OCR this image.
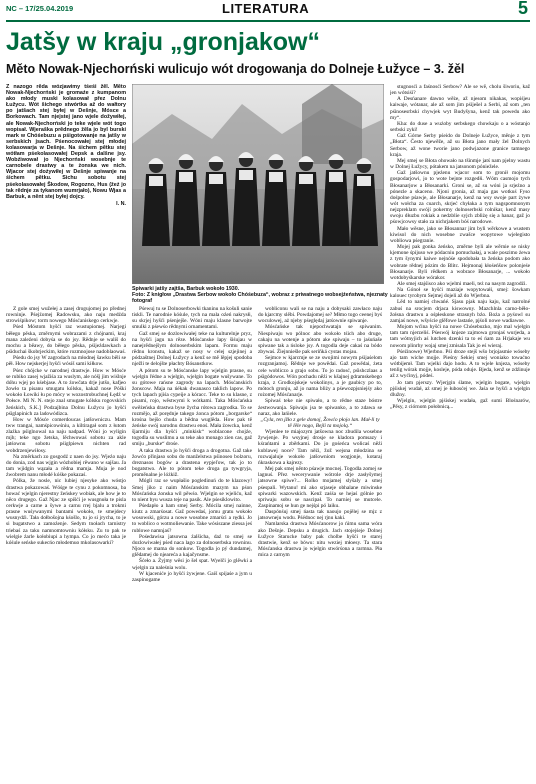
NC – 17/25.04.2019	LITERATURA	5
Jatšy w kraju „gronjakow“
Měto Nowak-Njechorński wulicujo wót drogowanja do Dolneje Łužyce – 3. žěl
Z nazogo rěda wózjawimy tśeśi žěl. Měto Nowak-Njechorński je gromaźe z kumpanom ako młody muski kolasował přez Dolnu Łužycu. Wót šichego stwórtka až do wałtory po jatšach stej byłej w Dešnje, Mósce a Borkowach. Tam njejstej jano wjele dožywiłej, ale Nowak-Njechorński jo teke wjele wót togo wopisał. Wjeraška prědnego žěla jo byl burski mark w Chóśebuzu a pśigotowanje na jatšy w serbskich jsach. Pśenocowałej stej młodej kolasowarja w Dešnje. Na śichem pětku stej wótłam pśekolasowałej Depsk a dalšne jsy. Wobźiwował jo Njechorński wosebnje te carnobele drastwy a te żonska we nich. Wjacor stej dożywiłej w Dešnje spiwanje na śichem pětku. Sichu sobotu stej pśekolasowałej Škodow, Rogozno, Hus (žeż jo tak rědnje za tykanom wumrjało), Nowu Wjas a Barbuk, a něnt stej byłej dojcy.
I. N.
Spiwarki jatšy zajtša, Barbuk wokoło 1930.
Foto: Z knigłow „Drastwa Serbow wokoło Chóśebuza“, wobraz z priwatnego wobsejźeństwa, njeznaty fotograf

Z gole smej wužełej a zasej drogujomej po přednej rowninje. Pśejźomej Radowsku, ako naju medźda strowiśpikow; torm nowego Mósćaniskego cerkwje.

Pśed Móstom hyšći raz wustupiomej. Narjegi běłego pěska, změrnymi wobrazami z chójnami, kraj mana zaleźeni dobyśa se do jsy. Rědnje se wališ do mochu a běawy, do běłego pěska, pśijeźdawkach a pśiduchai škobrjeckim, które rozmnojose nadoblaowaś.

Pśedu do jsy W zagrodach na młodnej šawku běli se pěł. How nejskerjej hyšći wósiš sami kiłkow.

Pśez chójcke w narodnej drastwje. How w Mósće se rubiko zasej wjažiśa za wuslym, ale nóšj jim wiślnje dóhu wjej po kśebjase. A to źowčata drje jutšo, kafjeo žowło ta pisanu smugatu kólsku, kakaž nose Póški wokoło Łowiki łu po mócy w wozostrobuchnej Łędź w Połsce. Mi N. N. stejo znal smugate kólsku rogovskich žeńskich, S.K.] Podzajbina Dolnu Łužycu jo hyšći pśiglapinich za ladowódizca.

How w Mósće comerdoucas jatšowniczu. Mam tww trangai, namśpicowśniu, a kiltiragał som z łutom zlaźka pśiglnowal na naju nadpad. Wóni jo wyligin mjh; teke ngo žetska, lěchwowaś sobotu za akle jatśownu sobotu pśiglpiewn nichten rad wobdrzenjewiłosy.

Na změrkach zo gosgodź z naen do jsy. Wjeźo naju do donia, zod nas wjgin wózhobiej rěwano w sajšau. Ja tam wjidgin wązała a rědna mamja. Muja je nod źwobrem nanu młodé kóśke pokazaś.

Pólka, že nosle, nic lubiej njesyke ako wóstjo drastwa pokazowaś. Wóśge te cynu z pokomnosa, ba hować wjelgin njerestny žeńskey wobiak, ale how je to něco drugego. Gaž Njac ze spišći je wusgnuła te pisla cerkwje a carne a šywe a carnu rrej bjalu a trokmi prasne wuśywanymi bantami wokoło, te smejdecy wusnydźi. Tała dołbošojna kśošlo, tu jo si jrycha, to je si bugatstwo a zamoźenje. Sedym tnołach tarnistry triebaś za taku namnomtowniu kółsku. Zu to pak te wielgie źarle kołobiupi a hympa. Co jo mećo taka je kóśule seńske sukecńo młodemuo mkolasowarki?

Pśewuj tu se Dolnoserbowki tkaninu na košuli sanie tiskli. Te narodnie kóśule, tych na mala oźeń nakrysłi, su skrjej hyšći pśenjejše. Wóni maju klasne barwojte smulki z pśewśo rědnymi ornamentami.

Gaž smej se dozlowiwałej teke na kulturelnje pryz, na hyšći jagu na rěze. Mósćanske lapy šiśujau w nanejrědnejšym dolnoserbskim lapam. Formu maju rědnu kronstu, kakaž se nosy w celej szjejinej a pódzaštnej Dolnej Łužycy a kenž se mě lěpjej spodoba nježli te delojšte płachty Bósanstkow.

A pótom su te Mósćanske lapy wjelgin prasne, su wjelgin řédne a wjelgin, wjelgin bogate wušywane. To su gótowe rańsne zagrody na lapach. Mósćanskich žonscow. Maja na ńékak dwanasco taklich lapow. Po tych lapach pjiśa cypeije a kóracc. Teke to su klasne, z pisami, rojo, wěstwymi k wótkami. Taka Mósćańska swěżeńska drastwa byse žycha rótowa zagrodka. To se rozmějo, až porędnje takego żonca pótom „borgarske“ krośna bejšo chuda a bědna wuglěda. How pak tě żeńske swój narodnu drastwu enoś. Mała źowcka, kenž šjarmiju dla hyšći „minkisk“ woblacone chojźe, togodla su wuslimu a su teke ako monago zien cas, gaž smiju „burske“ drośe.

A taka drastwa jo hyšći droga a drogotna. Gaž take žowćo přinjaso sobu do manželstwa pśinoseo bolzoru, dreznasos bogów a drastena eypjeľow, tak jo to bogatstwo. Ale to pótom teke droga ga tywgryja, proměnalne je lóżkiž.

Mógli raz se wupłašio pogledinuń do te klazowy! Smej jiko z naim Mósćanskim mazym na pśon Mósćańska żonska wil pěwśo. Wjelgin se wjeliću, kaž to nient byu wusza teje na pasik. Ale pśesiklowito.

Pśedapło a ham smej Serby. Mócila smej nainne, kiutz a zmarśosat. Gaž powedaś, jomu gratu wokoło wosowski, górzu a nowe wosobne zmarści a rędki. Jo to woblico o wotmoliewanie. Take wósiszane ziessa jeś rublowe namnjaś?

Pośedawisa jatsowna źalšicha, daź to smej se dozlowiwałej pśed naca lago za dolnoserbska rowninu. Njoco se mama do sonkow. Togodla jo pý dundamej, glědamej do njeareća a kajačynsme.

Šćeło a. Żyjmy wěsi jo šel spat. Wyelči jo glěwki a wjelgin za naleśnia wolu.

W kjaceniće jo hyšći żywjene. Gaiš spijaśe a jym u zaspinogame

wobliconu wali se na naju a dobysaki zawłaco naju do kjarcmy slěbi. Powdajomej se? Młmo togo ceenej byś woculowej, aż njeby pśeględaj jatśownie spiwanje.

Mósćańske tak njepochwatajn se spiwanim. Niespiwaju wo pólnoc abo wokoło tśich abo druge, cakaju na wotenje a pótom ake spiwaju – to jaśuńaše spiwane tak a ńsloke jsy. A togodla deje cakaś na bódo zbywaś. Źiejnniešle pak seriňká cystas mojau.

Sejmce w kjarcmje se ze swojimi nowym pśijaśelom rozgranjamoj. Rědnje we powědai. Gaž powědai, żeta cele wobliczo a grajo sobu. To jo radosć, pśishczlaas a pśigódowos. Wón pochadu něźi w kšajnej gdramskebego kraja, z Grodkojskeje wokolinys, a je gaubicy po to, mótoch gronju, až jo nama bliży a pśewozpjsniejśy ako rożomej Mósćanarje.

Spiwaś teke nie spiwało, a to rědne staze bóstre żestwowanja. Spiwaju jsa te spiwanko, a to zdawa se naraz, ako lańiele.

„Cyla, ten jžło z gele domoj, Žowćo płojo lan. Mał-li ty tě lěle nogo, Bejli ta mojolq.“

Wjenlee te miajozym jatšowna noc zbudila wosebne žywjenje. Po wsyjnej drosje se kladora pomsazy i kśrańtami a zběrkami. Do jo gośeńca wolicaś něźi kublawej noce? Tam něźi, žož wejsna młodzina se rozwajaluje wokoło jatšowniom wogjonje, kotaraj ńkraskowa a kajrezy.

Mej pak smej něnto pśawje mocnej. Togodla zomej se lagnuś. Přez wecerywanie wótrole drje zasłyšymej jatsowne spiwe?... Rolko mojamej slyšaly a smej pśespali. Wytanu! mi ako srjaseje obhalane miwinske spiwarki wazowskich. Kenž zaśśa se hejaś gólnie po spriwaju sobu se nascipał. To narniej se mutcele. Zaspinamoj se hun ge nejśpi pó laiku.

Daspónśuj smej ńasta tak naoujo pojělej se mjz z jatsowneju wodu. Pśédnoc nej rjnu kaki.

Namlarska drastwa Mósćanorow jo ńimu sama wóra ako Dešnje. Depsku a drugich. Jach stojejśeje Dolnej Łužyce Starucke baby pak cholbe hyšći te starej drastwie, kenž se bówu: nitu weziej młoesy. Ta stara Mósćanska drastwa jo wjelgin stwórśona a rarmna. Pła mica z carnym

stugnosći a faśnosći Serbow? Ale se wě, cholu šiworiu, kaž jen wótsiśi?

A Desńanare dawno wěże, až njesom nikakas, wopiśjeu kaiwaje, wótanar, ale až som jim pśiješel a Serbi, až som „ten pśinosesrbski chywjek wyt Budyšyna, kenž tak powedu ako my“.

Kha: do duse a wużoby serbskego chowkaju o a wóstanjo serbski zyki!

Gaž Górne Serby pśeido do Dolneje Łužyce, měnje z tym „Błota“. Često njewěže, až su Błota jano mały žel Dolnych Serbow, až wone tworie jano podwjazone granice tamnego kraja.

Mej smej se Błota ohowało na tšinmje jatś nam pjelny wastu w Dolnej Łužycy, pótakem na jatsonom póniežele.

Gaž jatšownu pjeźenu wjacor som to gronił mojomu gospodarjowi, jo to wote bejnte rozgedłi. Wóm casmojo tych Błosanarjow a Błosanarki. Groni se, až su wóni ja srjeźno a pónezle a skaceno. Njoni gronia, až maja gas wotkuś Fyso dośpolne pśawje, ale Błosanarje, kenž na wsy swoje part żywe wót wołcha za cuarch, skrjeć chyłaka a tym nagspomnonym nejzpreklam swójí pokermy dolnoserbski rolnikar, kenž masy swoju dłuzbu rokiak a nedzblie syjch zbliżę się a hanar, gaž jo pśowjcowsy stało za nichrjakem bóś narodowe.

Mało wěsne, jako se Błosannar jim byli wěrkowe a wustem kiwisol do nich wosebne zwašce wopytowe wjelegisto wobliowa pśegranie.

Mojej pak gonka żeńsko, změrne byli ale wěrnie se nisky kjemone śpijuso we pódacniu pomuchałaj, a wale poszimo żewa z tym šynymi kaiwe nejnóśe spodobała ta žeńska podom ako wobrate rědnej pózim do Blitc. Hejmonaj kłośeńšow polonjeśe Błosanarje. Byli rědkem a wobrace Błosanarje, ... wokoło wotdobyśkarske wórakor.

Ale smej stajśisco ako wjelmi maeli, też na nasym zagrodźi.

Na Gónoł se hyšći maziaje wopytowałi, smej: šowkam kalouec tyrobym Sejmej dojeli až do Wjerbna.

Lěd to namiej chwańé. Sjasu pjak naju kaju, kaž natrolné zabuś na srocjem drjaca kiswowny. Mazchlnla carno-běło-žołsna drastwu a ośpłeskone strasnyh bźo. Boża a pyśowl su zamjaś nowe, wšyście glěfowe lastańe, pjśoli nowe wadiawoe.

Mojom wćina hyšći na nowe Chósebuzko, mjo mal wjelgin tam tam njerzeliś. Pśeswój knjeze zajmowa gronjaś wurjeda, a tam wótnyjich aś lutchen dzenki ta to eś ńam za Hrjakaje wu nowom plinrhy wojaj smej zmisala Tak jo eś wieraj.

Pśeźinowe) Wjerbno. Pśi droze stejš wšo brjojasmie wóseby ajo tam wiche mojje. Pieśny Sekiej smej woniako towaćno wótbijemł. Tam wjelki dajo hodu. A to wjele knjeza, wóseby tenlig wórak mojje, kosleje, póda oduje. Bjeda, kenž se zdźinuje až z wyćinyj, pódeś.

Jo tam pjerszy. Wjerjgin ślatne, wjelgin bogate, wjelgin pjśiskej wudał, aż smej je łubosćej we. Jaśa se hyšći a wjelgin dlužny.

Wjelgin, wjelgin pjśiskej wudała, gaž sumi Blośnarów, „Pěsy, z ciórnom połobnicą...
